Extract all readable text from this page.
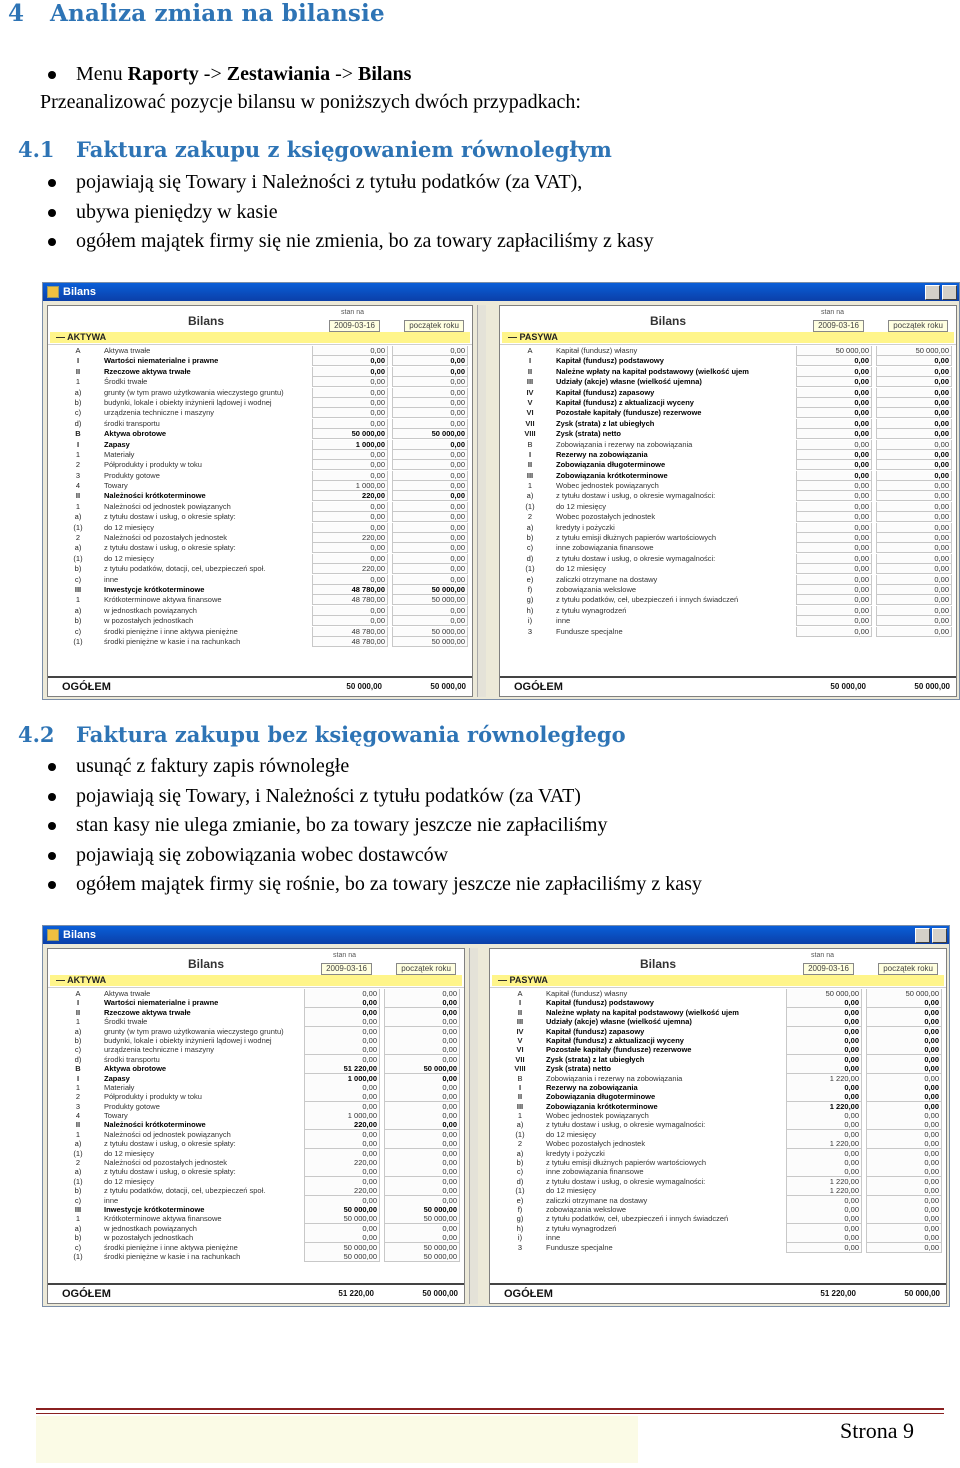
4 Analiza zmian na bilansie
Menu Raporty -> Zestawiania -> Bilans
Przeanalizować pozycje bilansu w poniższych dwóch przypadkach:
4.1 Faktura zakupu z księgowaniem równoległym
pojawiają się Towary i Należności z tytułu podatków (za VAT),
ubywa pieniędzy w kasie
ogółem majątek firmy się nie zmienia, bo za towary zapłaciliśmy z kasy
Bilans
Bilans
stan na
2009-03-16	początek roku
— AKTYWA
A	Aktywa trwałe	0,00	0,00
I	Wartości niematerialne i prawne	0,00	0,00
II	Rzeczowe aktywa trwałe	0,00	0,00
1	Środki trwałe	0,00	0,00
a)	grunty (w tym prawo użytkowania wieczystego gruntu)	0,00	0,00
b)	budynki, lokale i obiekty inżynierii lądowej i wodnej	0,00	0,00
c)	urządzenia techniczne i maszyny	0,00	0,00
d)	środki transportu	0,00	0,00
B	Aktywa obrotowe	50 000,00	50 000,00
I	Zapasy	1 000,00	0,00
1	Materiały	0,00	0,00
2	Półprodukty i produkty w toku	0,00	0,00
3	Produkty gotowe	0,00	0,00
4	Towary	1 000,00	0,00
II	Należności krótkoterminowe	220,00	0,00
1	Należności od jednostek powiązanych	0,00	0,00
a)	z tytułu dostaw i usług, o okresie spłaty:	0,00	0,00
(1)	do 12 miesięcy	0,00	0,00
2	Należności od pozostałych jednostek	220,00	0,00
a)	z tytułu dostaw i usług, o okresie spłaty:	0,00	0,00
(1)	do 12 miesięcy	0,00	0,00
b)	z tytułu podatków, dotacji, ceł, ubezpieczeń społ.	220,00	0,00
c)	inne	0,00	0,00
III	Inwestycje krótkoterminowe	48 780,00	50 000,00
1	Krótkoterminowe aktywa finansowe	48 780,00	50 000,00
a)	w jednostkach powiązanych	0,00	0,00
b)	w pozostałych jednostkach	0,00	0,00
c)	środki pieniężne i inne aktywa pieniężne	48 780,00	50 000,00
(1)	środki pieniężne w kasie i na rachunkach	48 780,00	50 000,00
OGÓŁEM	50 000,00	50 000,00
Bilans
stan na
2009-03-16	początek roku
— PASYWA
A	Kapitał (fundusz) własny	50 000,00	50 000,00
I	Kapitał (fundusz) podstawowy	0,00	0,00
II	Należne wpłaty na kapitał podstawowy (wielkość ujem	0,00	0,00
III	Udziały (akcje) własne (wielkość ujemna)	0,00	0,00
IV	Kapitał (fundusz) zapasowy	0,00	0,00
V	Kapitał (fundusz) z aktualizacji wyceny	0,00	0,00
VI	Pozostałe kapitały (fundusze) rezerwowe	0,00	0,00
VII	Zysk (strata) z lat ubiegłych	0,00	0,00
VIII	Zysk (strata) netto	0,00	0,00
B	Zobowiązania i rezerwy na zobowiązania	0,00	0,00
I	Rezerwy na zobowiązania	0,00	0,00
II	Zobowiązania długoterminowe	0,00	0,00
III	Zobowiązania krótkoterminowe	0,00	0,00
1	Wobec jednostek powiązanych	0,00	0,00
a)	z tytułu dostaw i usług, o okresie wymagalności:	0,00	0,00
(1)	do 12 miesięcy	0,00	0,00
2	Wobec pozostałych jednostek	0,00	0,00
a)	kredyty i pożyczki	0,00	0,00
b)	z tytułu emisji dłużnych papierów wartościowych	0,00	0,00
c)	inne zobowiązania finansowe	0,00	0,00
d)	z tytułu dostaw i usług, o okresie wymagalności:	0,00	0,00
(1)	do 12 miesięcy	0,00	0,00
e)	zaliczki otrzymane na dostawy	0,00	0,00
f)	zobowiązania wekslowe	0,00	0,00
g)	z tytułu podatków, ceł, ubezpieczeń i innych świadczeń	0,00	0,00
h)	z tytułu wynagrodzeń	0,00	0,00
i)	inne	0,00	0,00
3	Fundusze specjalne	0,00	0,00
OGÓŁEM	50 000,00	50 000,00
4.2 Faktura zakupu bez księgowania równoległego
usunąć z faktury zapis równoległe
pojawiają się Towary, i Należności z tytułu podatków (za VAT)
stan kasy nie ulega zmianie, bo za towary jeszcze nie zapłaciliśmy
pojawiają się zobowiązania wobec dostawców
ogółem majątek firmy się rośnie, bo za towary jeszcze nie zapłaciliśmy z kasy
Bilans
Bilans
stan na
2009-03-16	początek roku
— AKTYWA
A	Aktywa trwałe	0,00	0,00
I	Wartości niematerialne i prawne	0,00	0,00
II	Rzeczowe aktywa trwałe	0,00	0,00
1	Środki trwałe	0,00	0,00
a)	grunty (w tym prawo użytkowania wieczystego gruntu)	0,00	0,00
b)	budynki, lokale i obiekty inżynierii lądowej i wodnej	0,00	0,00
c)	urządzenia techniczne i maszyny	0,00	0,00
d)	środki transportu	0,00	0,00
B	Aktywa obrotowe	51 220,00	50 000,00
I	Zapasy	1 000,00	0,00
1	Materiały	0,00	0,00
2	Półprodukty i produkty w toku	0,00	0,00
3	Produkty gotowe	0,00	0,00
4	Towary	1 000,00	0,00
II	Należności krótkoterminowe	220,00	0,00
1	Należności od jednostek powiązanych	0,00	0,00
a)	z tytułu dostaw i usług, o okresie spłaty:	0,00	0,00
(1)	do 12 miesięcy	0,00	0,00
2	Należności od pozostałych jednostek	220,00	0,00
a)	z tytułu dostaw i usług, o okresie spłaty:	0,00	0,00
(1)	do 12 miesięcy	0,00	0,00
b)	z tytułu podatków, dotacji, ceł, ubezpieczeń społ.	220,00	0,00
c)	inne	0,00	0,00
III	Inwestycje krótkoterminowe	50 000,00	50 000,00
1	Krótkoterminowe aktywa finansowe	50 000,00	50 000,00
a)	w jednostkach powiązanych	0,00	0,00
b)	w pozostałych jednostkach	0,00	0,00
c)	środki pieniężne i inne aktywa pieniężne	50 000,00	50 000,00
(1)	środki pieniężne w kasie i na rachunkach	50 000,00	50 000,00
OGÓŁEM	51 220,00	50 000,00
Bilans
stan na
2009-03-16	początek roku
— PASYWA
A	Kapitał (fundusz) własny	50 000,00	50 000,00
I	Kapitał (fundusz) podstawowy	0,00	0,00
II	Należne wpłaty na kapitał podstawowy (wielkość ujem	0,00	0,00
III	Udziały (akcje) własne (wielkość ujemna)	0,00	0,00
IV	Kapitał (fundusz) zapasowy	0,00	0,00
V	Kapitał (fundusz) z aktualizacji wyceny	0,00	0,00
VI	Pozostałe kapitały (fundusze) rezerwowe	0,00	0,00
VII	Zysk (strata) z lat ubiegłych	0,00	0,00
VIII	Zysk (strata) netto	0,00	0,00
B	Zobowiązania i rezerwy na zobowiązania	1 220,00	0,00
I	Rezerwy na zobowiązania	0,00	0,00
II	Zobowiązania długoterminowe	0,00	0,00
III	Zobowiązania krótkoterminowe	1 220,00	0,00
1	Wobec jednostek powiązanych	0,00	0,00
a)	z tytułu dostaw i usług, o okresie wymagalności:	0,00	0,00
(1)	do 12 miesięcy	0,00	0,00
2	Wobec pozostałych jednostek	1 220,00	0,00
a)	kredyty i pożyczki	0,00	0,00
b)	z tytułu emisji dłużnych papierów wartościowych	0,00	0,00
c)	inne zobowiązania finansowe	0,00	0,00
d)	z tytułu dostaw i usług, o okresie wymagalności:	1 220,00	0,00
(1)	do 12 miesięcy	1 220,00	0,00
e)	zaliczki otrzymane na dostawy	0,00	0,00
f)	zobowiązania wekslowe	0,00	0,00
g)	z tytułu podatków, ceł, ubezpieczeń i innych świadczeń	0,00	0,00
h)	z tytułu wynagrodzeń	0,00	0,00
i)	inne	0,00	0,00
3	Fundusze specjalne	0,00	0,00
OGÓŁEM	51 220,00	50 000,00
Strona 9
